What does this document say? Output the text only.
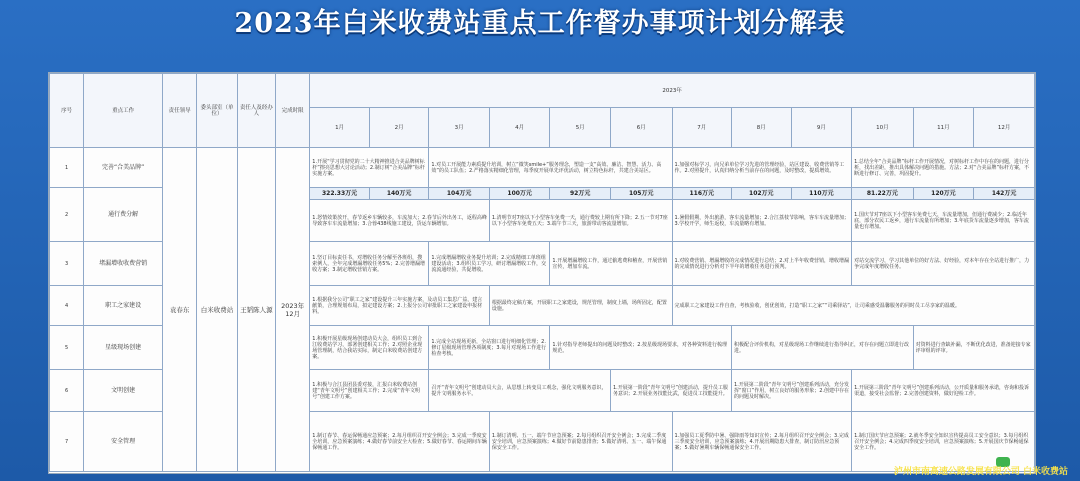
2023年白米收费站重点工作督办事项计划分解表
序号	重点工作	责任领导	委头部室（单位）	责任人及经办人	完成时限	2023年											
						1月	2月	3月	4月	5月	6月	7月	8月	9月	10月	11月	12月
1	完善“合美品牌”	袁春东	白米收费站	王韬陈人源	2023年12月	1.开展“学习贯彻党的二十大精神推进合美品牌树标杆”擦亮思想大讨论活动；2.制订树“合美品牌”标杆实施方案。		1.对员工开展能力素质提升培训，树立“微笑smile+”服务理念，塑造一支“高效、廉洁、智慧、活力、高效”的员工队伍；2.严格落实精细化管理，每季度开展单先评优活动，树立特色标杆，共建合美站区。				1.加强对标学习，向兄弟单位学习先进的管理经验，站区建设、收费营销等工作。2.对照提升，认真归纳分析当前存在的问题，及时整改，提质增效。			1.总结全年“合美品牌”标杆工作开展情况，对树标杆工作中存在的问题，进行分析，找出差距，推出具体解决问题的措施。方法；2.对“合美品牌”标杆方案，不断进行修订、完善，巩固提升。		
2	通行费分解					322.33万元	140万元	104万元	100万元	92万元	105万元	116万元	102万元	110万元	81.22万元	120万元	142万元
						1.怒情效策放开，春节返乡车辆较多，车流加大；2.春节后外出务工，返程高峰导致客车车流量增加；3.合蓉438线施工建设，货运车辆增加。			1.清明节对7座以下小型客车免费一天，通行费较上期有所下降；2.五一节对7座以下小型客车免费五天；3.端午节三天，旅游带动客流量增加。			1.暑假假期，外出旅游，客车流量增加；2.合江荔枝节影响，客车车流量增加；3.学校开学，师生返校，车流量略有增加。			1.国庆节对7座以下小型客车免费七天，车流量增加，但通行费减少；2.临近年底，部分农民工返乡，通行车流量有所增加；3.年底货车流量逐步增加，客车流量也有增加。		
3	堵漏增收收费营销					1.坚订目标责任书，对增收任务分解至各班组，搜索例人，全年完成增漏增收任务5%；2.完善增漏增收方案；3.制定增收营销方案。		1.完成增漏增收业务提升培训；2.完成精细工单班组建设活动；3.组织员工学习，研讨增漏增收工作，交流流通经验，共促增收。		1.开展增漏增收工作，通过偷逃费和稽查，开展营销宣传，增加车流。		1.对收费营销、增漏增收的完成情况进行总结；2.对上半年收费营销，增收增漏的完成情况进行分析对下半年的增收任务进行预判。			对站交流学习，学习其他单位的好方法、好经验，对本年存在全站进行推广，力争完成年度增收任务。		
4	职工之家建设					1.根据我分公司“职工之家”建设提升三年实施方案，及动员工集思广益，建言献策，合理规划布局，拟定建设方案；2.上报分公司审批职工之家建设申报材料。			根据最终定稿方案，开展职工之家建设，规范管理，制度上墙，场所固定，配置设施。			完成职工之家建设工作自查，考核验收，创优创效，打造“职工之家”“司乘驿站”，让司乘感受温馨服务的同时员工尽享家的温暖。					
5	星级现场创建					1.积极开展星级现场创建动员大会，组织员工到合江收费站学习，部署创建相关工作；2.对照企业现场管理制，结合我站实际，制定白米收费站创建方案。		1.完成全站现场更新，全站窗口进行明细化管理；2.修订星级现场管理各项制度；3.每月对现场工作进行检查考核。		1.针对指导老师提出的问题及时整改；2.按星级现场要求，对各种资料进行梳理规范。			积极配合评价机构，对星级现场工作继续进行指导纠正，对存在问题立即进行改进。			对资料进行查缺补漏，不断优化改进，准备迎接专家评审组的评审。	
6	文明创建					1.积极与合江县团县委对接，汇报白米收费站创建“青年文明号”创建相关工作；2.完成“青年文明号”创建工作方案。		召开“青年文明号”创建动员大会，从思想上转变员工观念，强化文明服务意识，提升文明服务水平。			1.开展第一阶段“青年文明号”创建活动，提升员工服务意识；2.开展业务技能比武，促进员工技能提升。		1.开展第二阶段“青年文明号”创建系列活动，充分发挥“窗口”作用，树立良好的服务形象；2.创建中存在的问题及时解决。		1.开展第三阶段“青年文明号”创建系列活动，公开质量和服务承诺，咨询和投诉渠道，接受社会监督；2.完善创建资料，做好迎检工作。		
7	安全管理					1.制订春节、春运保畅通应急预案；2.每月组织召开安全例会；3.完成一季度安全培训，应急预案演练；4.做好春节前安全大检查；5.做好春节、春运期间车辆保畅通工作。			1.制订清明、五一、端午节应急预案；2.每月组织召开安全例会；3.完成二季度安全培训，应急预案演练；4.做好节前隐患排查；5.做好清明、五一、端午保通保安全工作。			1.加强员工夏季防中暑、强降雨等知识宣传；2.每月组织召开安全例会；3.完成三季度安全培训，应急预案演练；4.开展汛期隐患大排查，制订防汛应急预案；5.做好暑期车辆保畅通保安全工作。			1.制订国庆节应急预案；2.就冬季安全知识宣传提高员工安全意识；3.每月组织召开安全例会；4.完成四季度安全培训，应急预案演练；5.开展国庆节保畅通保安全工作。		
泸州市南高速公路发展有限公司 白米收费站
